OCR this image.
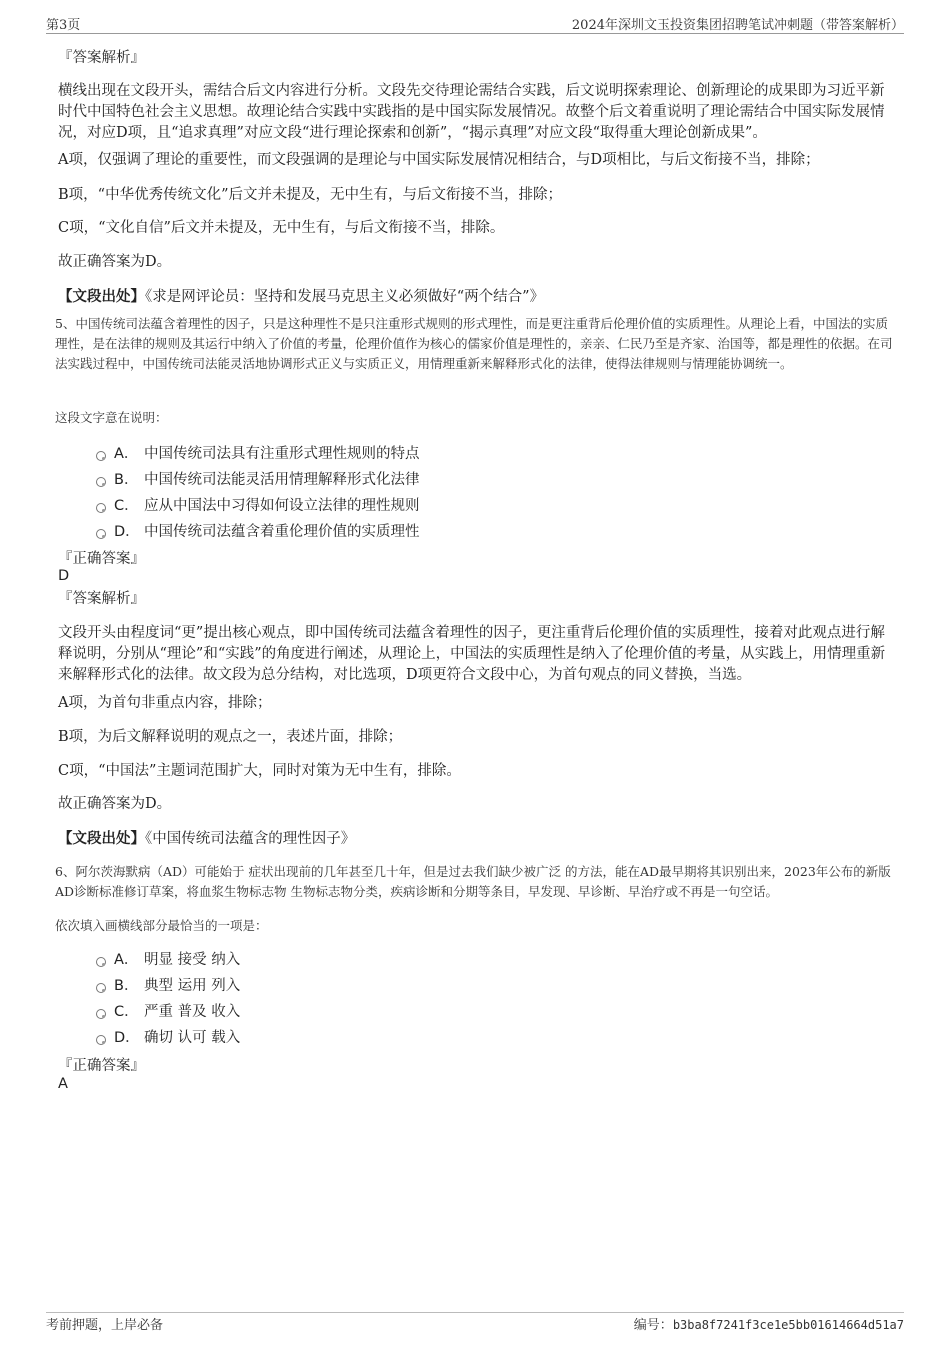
第3页	2024年深圳文玉投资集团招聘笔试冲刺题（带答案解析）
『答案解析』
横线出现在文段开头，需结合后文内容进行分析。文段先交待理论需结合实践，后文说明探索理论、创新理论的成果即为习近平新时代中国特色社会主义思想。故理论结合实践中实践指的是中国实际发展情况。故整个后文着重说明了理论需结合中国实际发展情况，对应D项，且“追求真理”对应文段“进行理论探索和创新”，“揭示真理”对应文段“取得重大理论创新成果”。
A项，仅强调了理论的重要性，而文段强调的是理论与中国实际发展情况相结合，与D项相比，与后文衔接不当，排除；
B项，“中华优秀传统文化”后文并未提及，无中生有，与后文衔接不当，排除；
C项，“文化自信”后文并未提及，无中生有，与后文衔接不当，排除。
故正确答案为D。
【文段出处】《求是网评论员：坚持和发展马克思主义必须做好“两个结合”》
5、中国传统司法蕴含着理性的因子，只是这种理性不是只注重形式规则的形式理性，而是更注重背后伦理价值的实质理性。从理论上看，中国法的实质理性，是在法律的规则及其运行中纳入了价值的考量，伦理价值作为核心的儒家价值是理性的，亲亲、仁民乃至是齐家、治国等，都是理性的依据。在司法实践过程中，中国传统司法能灵活地协调形式正义与实质正义，用情理重新来解释形式化的法律，使得法律规则与情理能协调统一。
这段文字意在说明：
A． 中国传统司法具有注重形式理性规则的特点
B． 中国传统司法能灵活用情理解释形式化法律
C． 应从中国法中习得如何设立法律的理性规则
D． 中国传统司法蕴含着重伦理价值的实质理性
『正确答案』
D
『答案解析』
文段开头由程度词“更”提出核心观点，即中国传统司法蕴含着理性的因子，更注重背后伦理价值的实质理性，接着对此观点进行解释说明，分别从“理论”和“实践”的角度进行阐述，从理论上，中国法的实质理性是纳入了伦理价值的考量，从实践上，用情理重新来解释形式化的法律。故文段为总分结构，对比选项，D项更符合文段中心，为首句观点的同义替换，当选。
A项，为首句非重点内容，排除；
B项，为后文解释说明的观点之一，表述片面，排除；
C项，“中国法”主题词范围扩大，同时对策为无中生有，排除。
故正确答案为D。
【文段出处】《中国传统司法蕴含的理性因子》
6、阿尔茨海默病（AD）可能始于 症状出现前的几年甚至几十年，但是过去我们缺少被广泛 的方法，能在AD最早期将其识别出来，2023年公布的新版AD诊断标准修订草案，将血浆生物标志物 生物标志物分类，疾病诊断和分期等条目，早发现、早诊断、早治疗或不再是一句空话。
依次填入画横线部分最恰当的一项是：
A． 明显 接受 纳入
B． 典型 运用 列入
C． 严重 普及 收入
D． 确切 认可 载入
『正确答案』
A
考前押题，上岸必备	编号：b3ba8f7241f3ce1e5bb01614664d51a7
